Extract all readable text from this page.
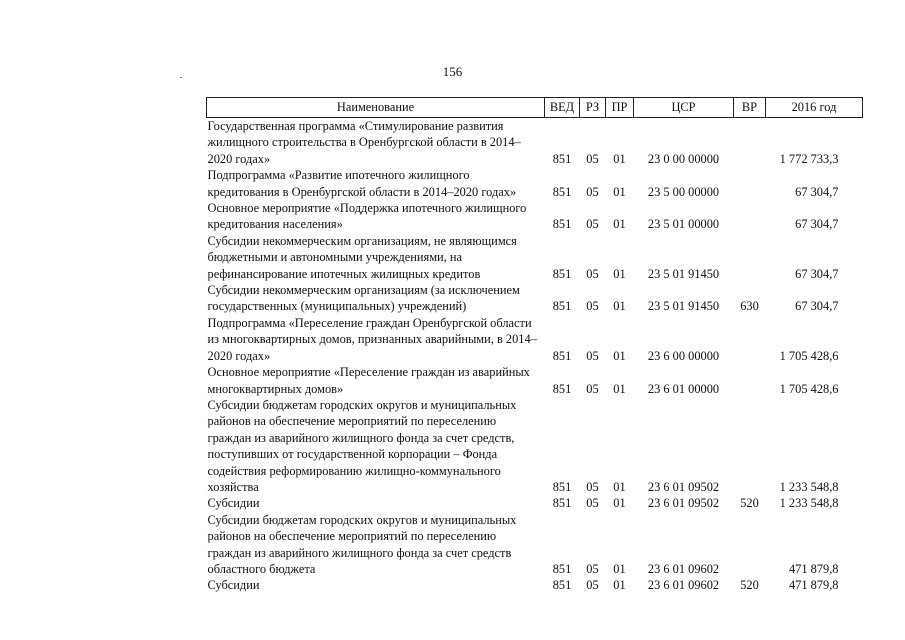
156
Наименование	ВЕД	РЗ	ПР	ЦСР	ВР	2016 год
Государственная программа «Стимулирование развития жилищного строительства в Оренбургской области в 2014–2020 годах»	851	05	01	23 0 00 00000		1 772 733,3
Подпрограмма «Развитие ипотечного жилищного кредитования в Оренбургской области в 2014–2020 годах»	851	05	01	23 5 00 00000		67 304,7
Основное мероприятие «Поддержка ипотечного жилищного кредитования населения»	851	05	01	23 5 01 00000		67 304,7
Субсидии некоммерческим организациям, не являющимся бюджетными и автономными учреждениями, на рефинансирование ипотечных жилищных кредитов	851	05	01	23 5 01 91450		67 304,7
Субсидии некоммерческим организациям (за исключением государственных (муниципальных) учреждений)	851	05	01	23 5 01 91450	630	67 304,7
Подпрограмма «Переселение граждан Оренбургской области из многоквартирных домов, признанных аварийными, в 2014–2020 годах»	851	05	01	23 6 00 00000		1 705 428,6
Основное мероприятие «Переселение граждан из аварийных многоквартирных домов»	851	05	01	23 6 01 00000		1 705 428,6
Субсидии бюджетам городских округов и муниципальных районов на обеспечение мероприятий по переселению граждан из аварийного жилищного фонда за счет средств, поступивших от государственной корпорации – Фонда содействия реформированию жилищно-коммунального хозяйства	851	05	01	23 6 01 09502		1 233 548,8
Субсидии	851	05	01	23 6 01 09502	520	1 233 548,8
Субсидии бюджетам городских округов и муниципальных районов на обеспечение мероприятий по переселению граждан из аварийного жилищного фонда за счет средств областного бюджета	851	05	01	23 6 01 09602		471 879,8
Субсидии	851	05	01	23 6 01 09602	520	471 879,8
